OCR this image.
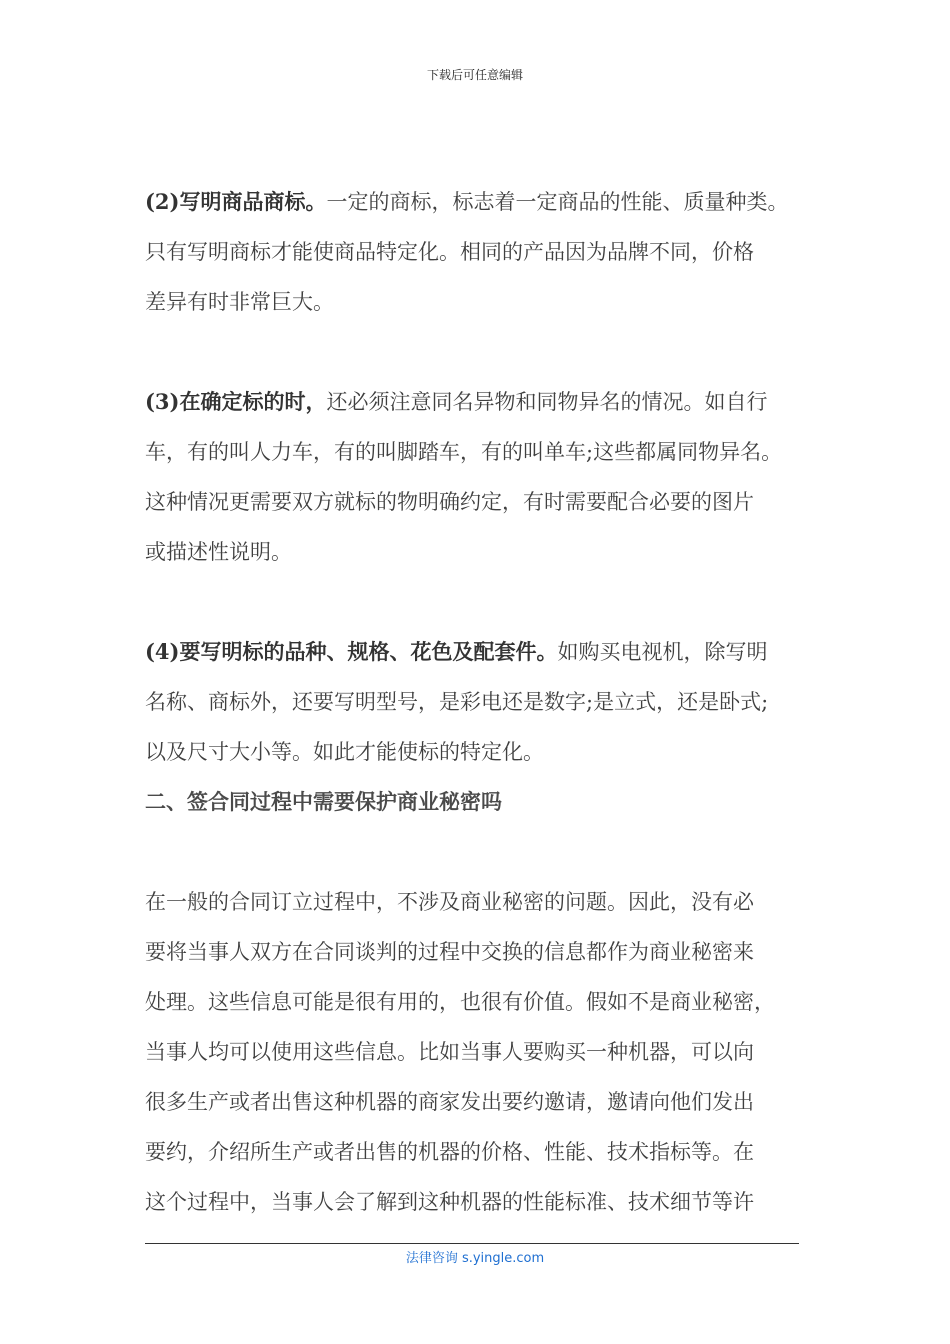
下载后可任意编辑
(2)写明商品商标。一定的商标，标志着一定商品的性能、质量种类。
只有写明商标才能使商品特定化。相同的产品因为品牌不同，价格
差异有时非常巨大。
(3)在确定标的时，还必须注意同名异物和同物异名的情况。如自行
车，有的叫人力车，有的叫脚踏车，有的叫单车;这些都属同物异名。
这种情况更需要双方就标的物明确约定，有时需要配合必要的图片
或描述性说明。
(4)要写明标的品种、规格、花色及配套件。如购买电视机，除写明
名称、商标外，还要写明型号，是彩电还是数字;是立式，还是卧式;
以及尺寸大小等。如此才能使标的特定化。
二、签合同过程中需要保护商业秘密吗
在一般的合同订立过程中，不涉及商业秘密的问题。因此，没有必
要将当事人双方在合同谈判的过程中交换的信息都作为商业秘密来
处理。这些信息可能是很有用的，也很有价值。假如不是商业秘密，
当事人均可以使用这些信息。比如当事人要购买一种机器，可以向
很多生产或者出售这种机器的商家发出要约邀请，邀请向他们发出
要约，介绍所生产或者出售的机器的价格、性能、技术指标等。在
这个过程中，当事人会了解到这种机器的性能标准、技术细节等许
法律咨询 s.yingle.com
